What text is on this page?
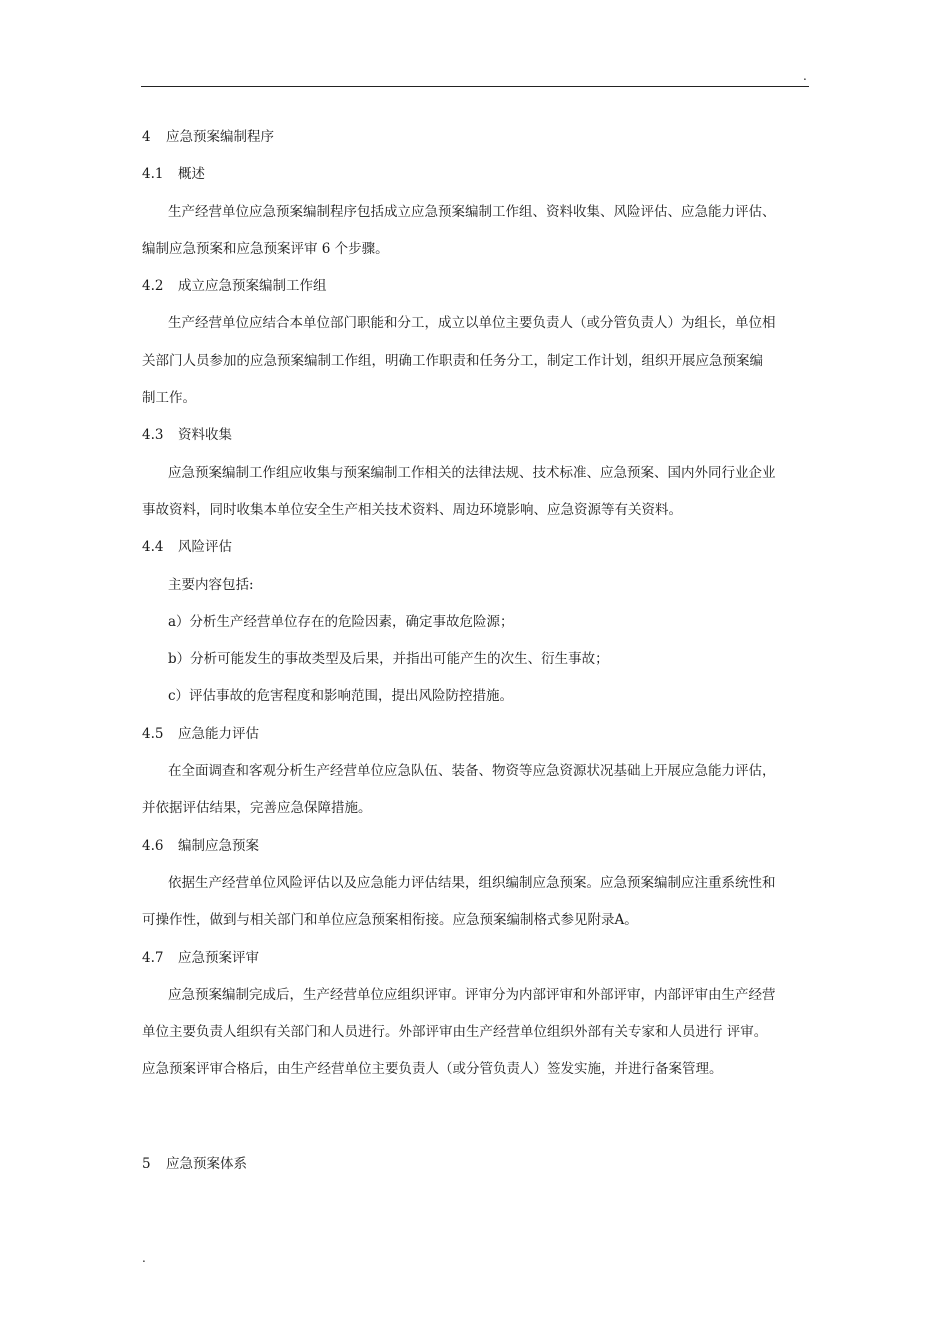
.
4 应急预案编制程序
4.1 概述
生产经营单位应急预案编制程序包括成立应急预案编制工作组、资料收集、风险评估、应急能力评估、
编制应急预案和应急预案评审 6 个步骤。
4.2 成立应急预案编制工作组
生产经营单位应结合本单位部门职能和分工，成立以单位主要负责人（或分管负责人）为组长，单位相
关部门人员参加的应急预案编制工作组，明确工作职责和任务分工，制定工作计划，组织开展应急预案编
制工作。
4.3 资料收集
应急预案编制工作组应收集与预案编制工作相关的法律法规、技术标准、应急预案、国内外同行业企业
事故资料，同时收集本单位安全生产相关技术资料、周边环境影响、应急资源等有关资料。
4.4 风险评估
主要内容包括:
a）分析生产经营单位存在的危险因素，确定事故危险源；
b）分析可能发生的事故类型及后果，并指出可能产生的次生、衍生事故；
c）评估事故的危害程度和影响范围，提出风险防控措施。
4.5 应急能力评估
在全面调查和客观分析生产经营单位应急队伍、装备、物资等应急资源状况基础上开展应急能力评估，
并依据评估结果，完善应急保障措施。
4.6 编制应急预案
依据生产经营单位风险评估以及应急能力评估结果，组织编制应急预案。应急预案编制应注重系统性和
可操作性，做到与相关部门和单位应急预案相衔接。应急预案编制格式参见附录A。
4.7 应急预案评审
应急预案编制完成后，生产经营单位应组织评审。评审分为内部评审和外部评审，内部评审由生产经营
单位主要负责人组织有关部门和人员进行。外部评审由生产经营单位组织外部有关专家和人员进行 评审。
应急预案评审合格后，由生产经营单位主要负责人（或分管负责人）签发实施，并进行备案管理。
5 应急预案体系
.
